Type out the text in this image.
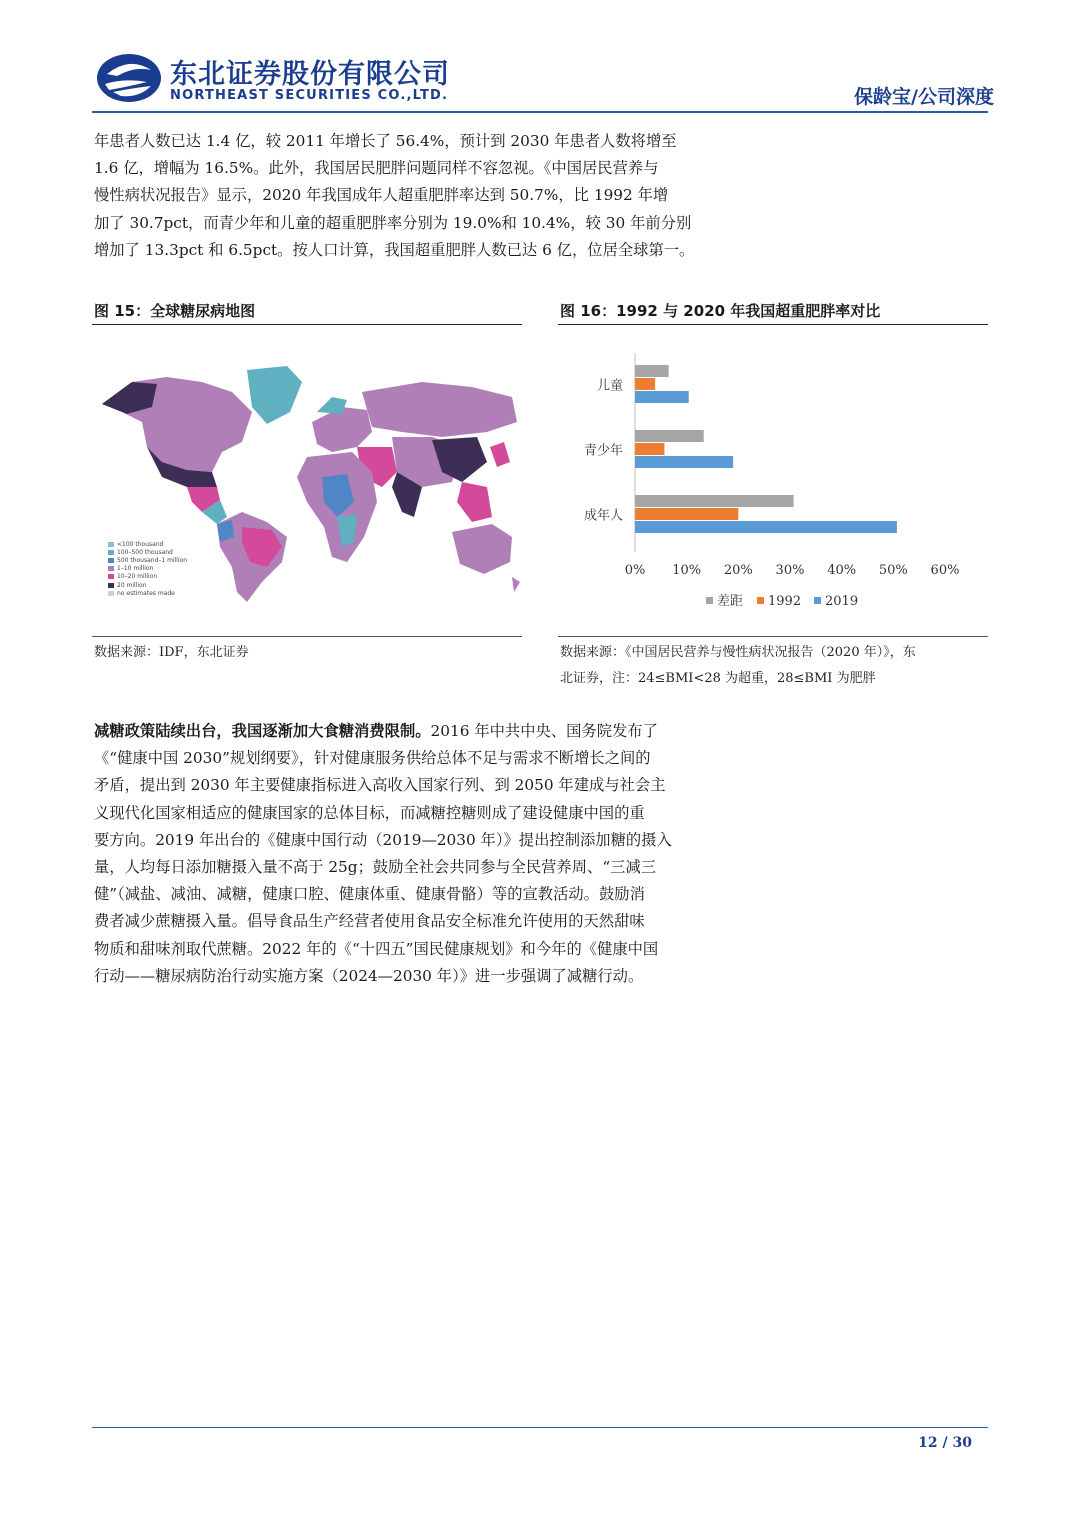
东北证券股份有限公司
NORTHEAST SECURITIES CO.,LTD.	保龄宝/公司深度
年患者人数已达 1.4 亿，较 2011 年增长了 56.4%，预计到 2030 年患者人数将增至
1.6 亿，增幅为 16.5%。此外，我国居民肥胖问题同样不容忽视。《中国居民营养与
慢性病状况报告》显示，2020 年我国成年人超重肥胖率达到 50.7%，比 1992 年增
加了 30.7pct，而青少年和儿童的超重肥胖率分别为 19.0%和 10.4%，较 30 年前分别
增加了 13.3pct 和 6.5pct。按人口计算，我国超重肥胖人数已达 6 亿，位居全球第一。
图 15：全球糖尿病地图
<100 thousand
100–500 thousand
500 thousand–1 million
1–10 million
10–20 million
20 million
no estimates made
数据来源：IDF，东北证券
图 16：1992 与 2020 年我国超重肥胖率对比
儿童
青少年
成年人
0% 10% 20% 30% 40% 50% 60%
差距 1992 2019
数据来源：《中国居民营养与慢性病状况报告（2020 年）》，东
北证券，注：24≤BMI<28 为超重，28≤BMI 为肥胖
减糖政策陆续出台，我国逐渐加大食糖消费限制。2016 年中共中央、国务院发布了
《“健康中国 2030”规划纲要》，针对健康服务供给总体不足与需求不断增长之间的
矛盾，提出到 2030 年主要健康指标进入高收入国家行列、到 2050 年建成与社会主
义现代化国家相适应的健康国家的总体目标，而减糖控糖则成了建设健康中国的重
要方向。2019 年出台的《健康中国行动（2019—2030 年）》提出控制添加糖的摄入
量，人均每日添加糖摄入量不高于 25g；鼓励全社会共同参与全民营养周、“三减三
健”（减盐、减油、减糖，健康口腔、健康体重、健康骨骼）等的宣教活动。鼓励消
费者减少蔗糖摄入量。倡导食品生产经营者使用食品安全标准允许使用的天然甜味
物质和甜味剂取代蔗糖。2022 年的《“十四五”国民健康规划》和今年的《健康中国
行动——糖尿病防治行动实施方案（2024—2030 年）》进一步强调了减糖行动。
12 / 30
